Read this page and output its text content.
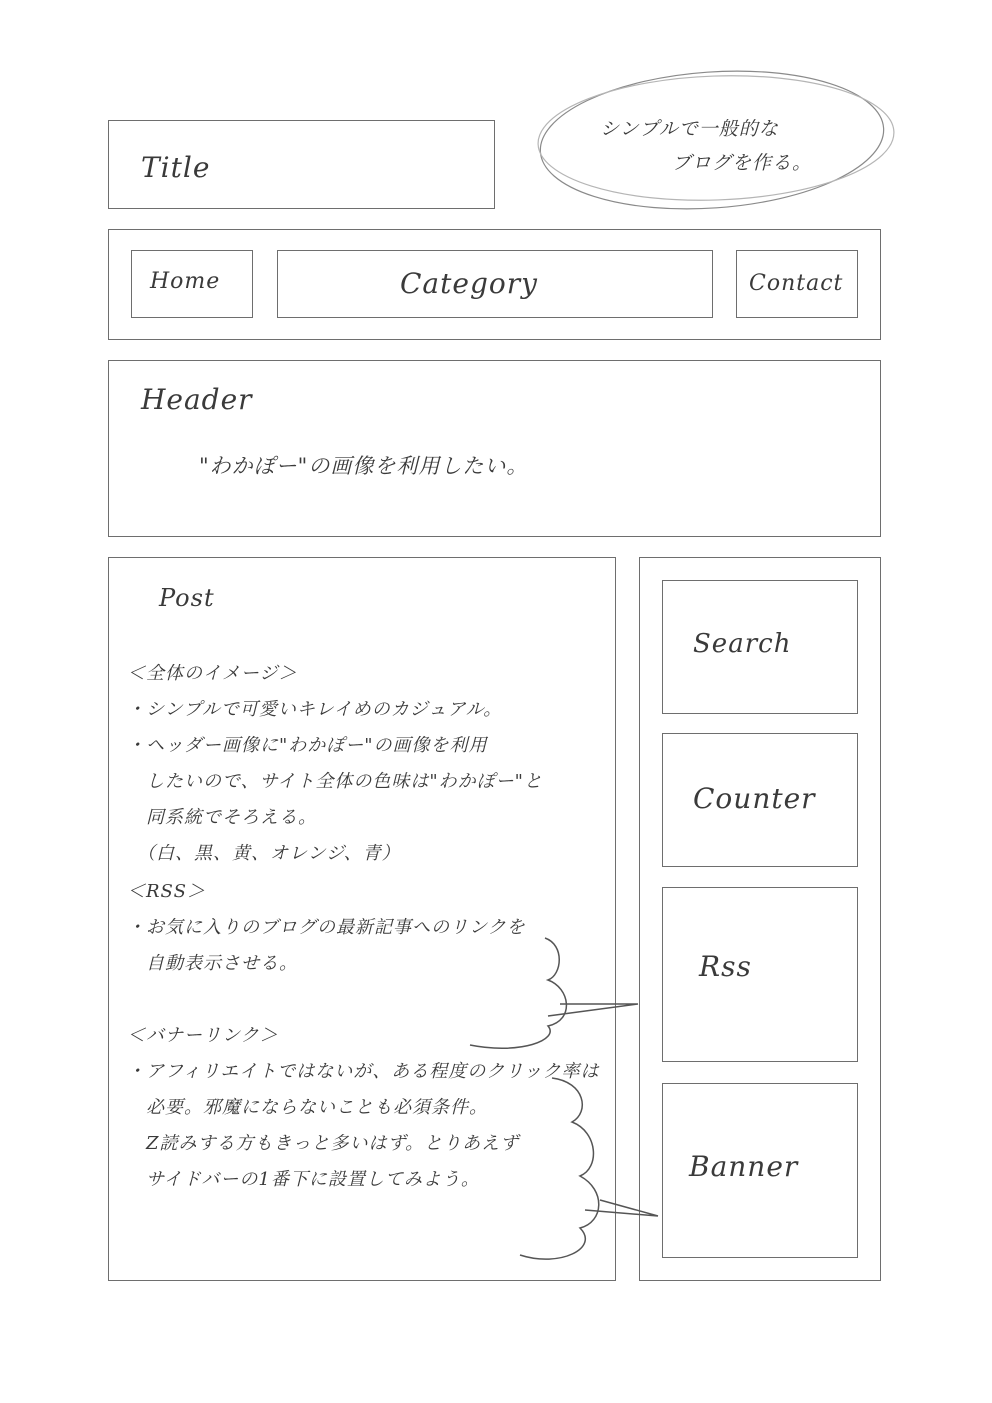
Title
シンプルで一般的な
ブログを作る。
Home	Category	Contact
Header
"わかぽー"の画像を利用したい。
Post
＜全体のイメージ＞
・シンプルで可愛いキレイめのカジュアル。
・ヘッダー画像に"わかぽー"の画像を利用
　したいので、サイト全体の色味は"わかぽー"と
　同系統でそろえる。
　（白、黒、黄、オレンジ、青）
＜RSS＞
・お気に入りのブログの最新記事へのリンクを
　自動表示させる。
＜バナーリンク＞
・アフィリエイトではないが、ある程度のクリック率は
　必要。邪魔にならないことも必須条件。
　Z読みする方もきっと多いはず。とりあえず
　サイドバーの1番下に設置してみよう。
Search
Counter
Rss
Banner
